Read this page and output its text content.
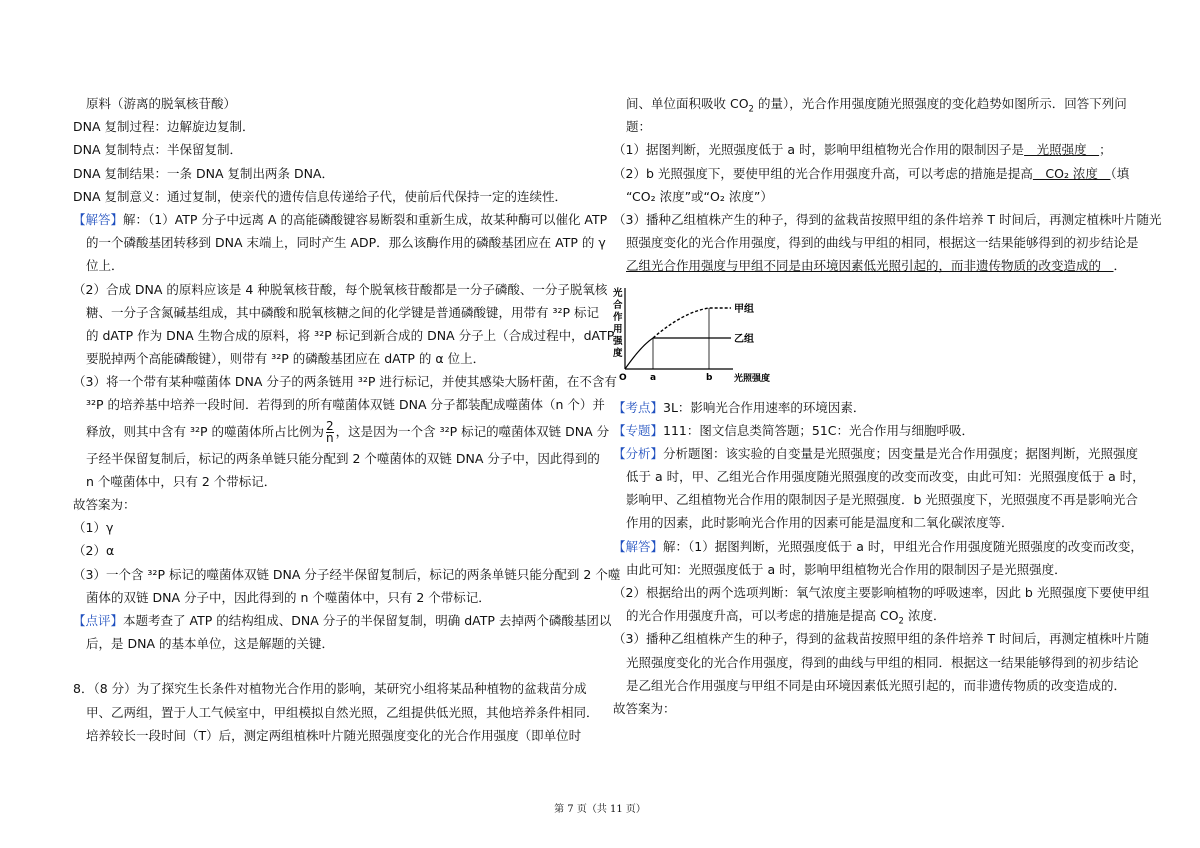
原料（游离的脱氧核苷酸）
DNA 复制过程：边解旋边复制．
DNA 复制特点：半保留复制．
DNA 复制结果：一条 DNA 复制出两条 DNA．
DNA 复制意义：通过复制，使亲代的遗传信息传递给子代，使前后代保持一定的连续性．
【解答】解：（1）ATP 分子中远离 A 的高能磷酸键容易断裂和重新生成，故某种酶可以催化 ATP
的一个磷酸基团转移到 DNA 末端上，同时产生 ADP．那么该酶作用的磷酸基团应在 ATP 的 γ
位上．
（2）合成 DNA 的原料应该是 4 种脱氧核苷酸，每个脱氧核苷酸都是一分子磷酸、一分子脱氧核
糖、一分子含氮碱基组成，其中磷酸和脱氧核糖之间的化学键是普通磷酸键，用带有 ³²P 标记
的 dATP 作为 DNA 生物合成的原料，将 ³²P 标记到新合成的 DNA 分子上（合成过程中，dATP
要脱掉两个高能磷酸键），则带有 ³²P 的磷酸基团应在 dATP 的 α 位上．
（3）将一个带有某种噬菌体 DNA 分子的两条链用 ³²P 进行标记，并使其感染大肠杆菌，在不含有
³²P 的培养基中培养一段时间．若得到的所有噬菌体双链 DNA 分子都装配成噬菌体（n 个）并
释放，则其中含有 ³²P 的噬菌体所占比例为 $\frac{2}{n}$ ，这是因为一个含 ³²P 标记的噬菌体双链 DNA 分
子经半保留复制后，标记的两条单链只能分配到 2 个噬菌体的双链 DNA 分子中，因此得到的
n 个噬菌体中，只有 2 个带标记．
故答案为：
（1）γ
（2）α
（3）一个含 ³²P 标记的噬菌体双链 DNA 分子经半保留复制后，标记的两条单链只能分配到 2 个噬
菌体的双链 DNA 分子中，因此得到的 n 个噬菌体中，只有 2 个带标记．
【点评】本题考查了 ATP 的结构组成、DNA 分子的半保留复制，明确 dATP 去掉两个磷酸基团以
后，是 DNA 的基本单位，这是解题的关键．
8．（8 分）为了探究生长条件对植物光合作用的影响，某研究小组将某品种植物的盆栽苗分成
甲、乙两组，置于人工气候室中，甲组模拟自然光照，乙组提供低光照，其他培养条件相同．
培养较长一段时间（T）后，测定两组植株叶片随光照强度变化的光合作用强度（即单位时
间、单位面积吸收 $CO_2$ 的量），光合作用强度随光照强度的变化趋势如图所示．回答下列问
题：
（1）据图判断，光照强度低于 a 时，影响甲组植物光合作用的限制因子是　光照强度　；
（2）b 光照强度下，要使甲组的光合作用强度升高，可以考虑的措施是提高　CO₂ 浓度　（填
“CO₂ 浓度”或“O₂ 浓度”）
（3）播种乙组植株产生的种子，得到的盆栽苗按照甲组的条件培养 T 时间后，再测定植株叶片随光
照强度变化的光合作用强度，得到的曲线与甲组的相同，根据这一结果能够得到的初步结论是
乙组光合作用强度与甲组不同是由环境因素低光照引起的，而非遗传物质的改变造成的　．
O	a	b 光照强度
甲组
乙组
光
合
作
用
强
度
【考点】3L：影响光合作用速率的环境因素．
【专题】111：图文信息类简答题；51C：光合作用与细胞呼吸．
【分析】分析题图：该实验的自变量是光照强度；因变量是光合作用强度；据图判断，光照强度
低于 a 时，甲、乙组光合作用强度随光照强度的改变而改变，由此可知：光照强度低于 a 时，
影响甲、乙组植物光合作用的限制因子是光照强度．b 光照强度下，光照强度不再是影响光合
作用的因素，此时影响光合作用的因素可能是温度和二氧化碳浓度等．
【解答】解：（1）据图判断，光照强度低于 a 时，甲组光合作用强度随光照强度的改变而改变，
由此可知：光照强度低于 a 时，影响甲组植物光合作用的限制因子是光照强度．
（2）根据给出的两个选项判断：氧气浓度主要影响植物的呼吸速率，因此 b 光照强度下要使甲组
的光合作用强度升高，可以考虑的措施是提高 $CO_2$ 浓度．
（3）播种乙组植株产生的种子，得到的盆栽苗按照甲组的条件培养 T 时间后，再测定植株叶片随
光照强度变化的光合作用强度，得到的曲线与甲组的相同．根据这一结果能够得到的初步结论
是乙组光合作用强度与甲组不同是由环境因素低光照引起的，而非遗传物质的改变造成的．
故答案为：
第 7 页（共 11 页）
